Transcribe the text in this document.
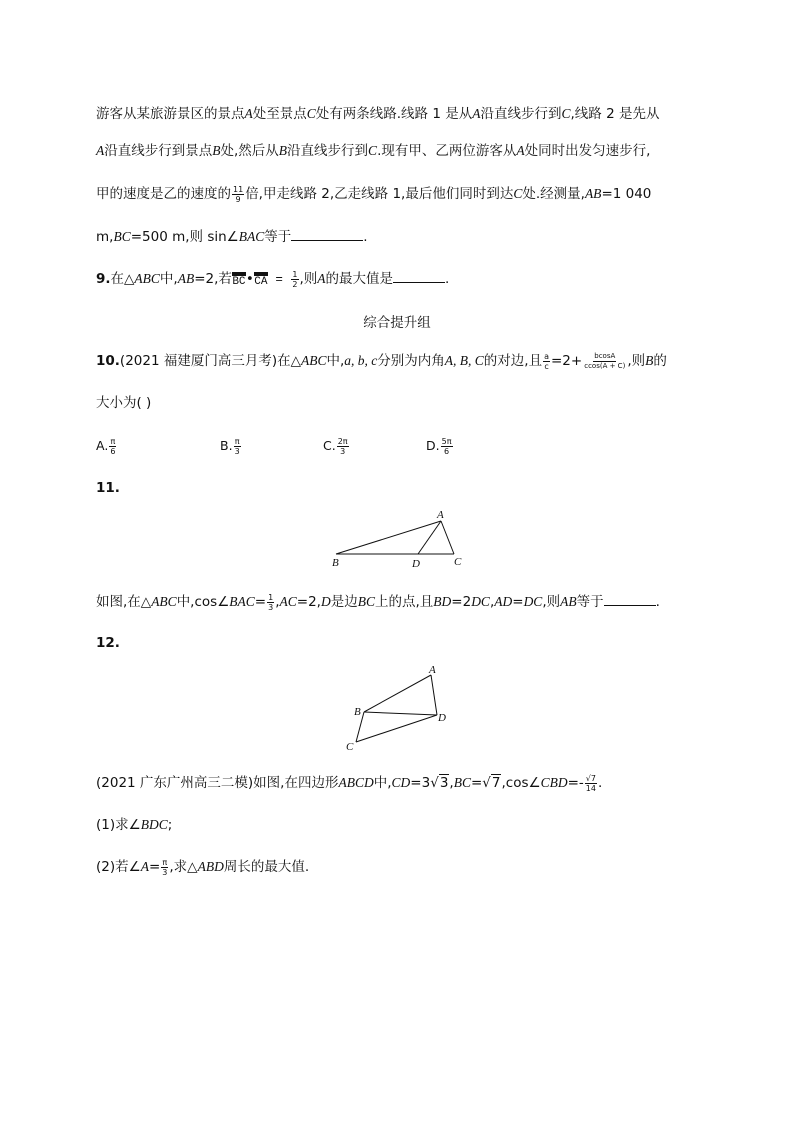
游客从某旅游景区的景点A处至景点C处有两条线路.线路 1 是从A沿直线步行到C,线路 2 是先从
A沿直线步行到景点B处,然后从B沿直线步行到C.现有甲、乙两位游客从A处同时出发匀速步行,
甲的速度是乙的速度的 $\frac{11}{9}$ 倍,甲走线路 2,乙走线路 1,最后他们同时到达C处.经测量,AB=1 040
m,BC=500 m,则 sin∠BAC等于	.
9.在△ABC中,AB=2,若 BC • CA = $\frac{1}{2}$ ,则A的最大值是	.
综合提升组
10.(2021 福建厦门高三月考)在△ABC中,a, b, c分别为内角A, B, C的对边,且 $\frac{a}{c} =2+ \frac{bcosA}{ccos(A + C)}$ ,则B的
大小为( )
A. $\frac{\pi}{6}$	B. $\frac{\pi}{3}$	C. $\frac{2\pi}{3}$	D. $\frac{5\pi}{6}$
11.
A
B	D	C
如图,在△ABC中,cos∠BAC= $\frac{1}{3} ,AC=2,D$是边BC上的点,且BD=2DC,AD=DC,则AB等于	.
12.
A
B
C
D
(2021 广东广州高三二模)如图,在四边形ABCD中,CD=3√3,BC=√7,cos∠CBD=- $\frac{√7}{14}$ .
(1)求∠BDC;
(2)若∠A= $\frac{\pi}{3}$ ,求△ABD周长的最大值.
